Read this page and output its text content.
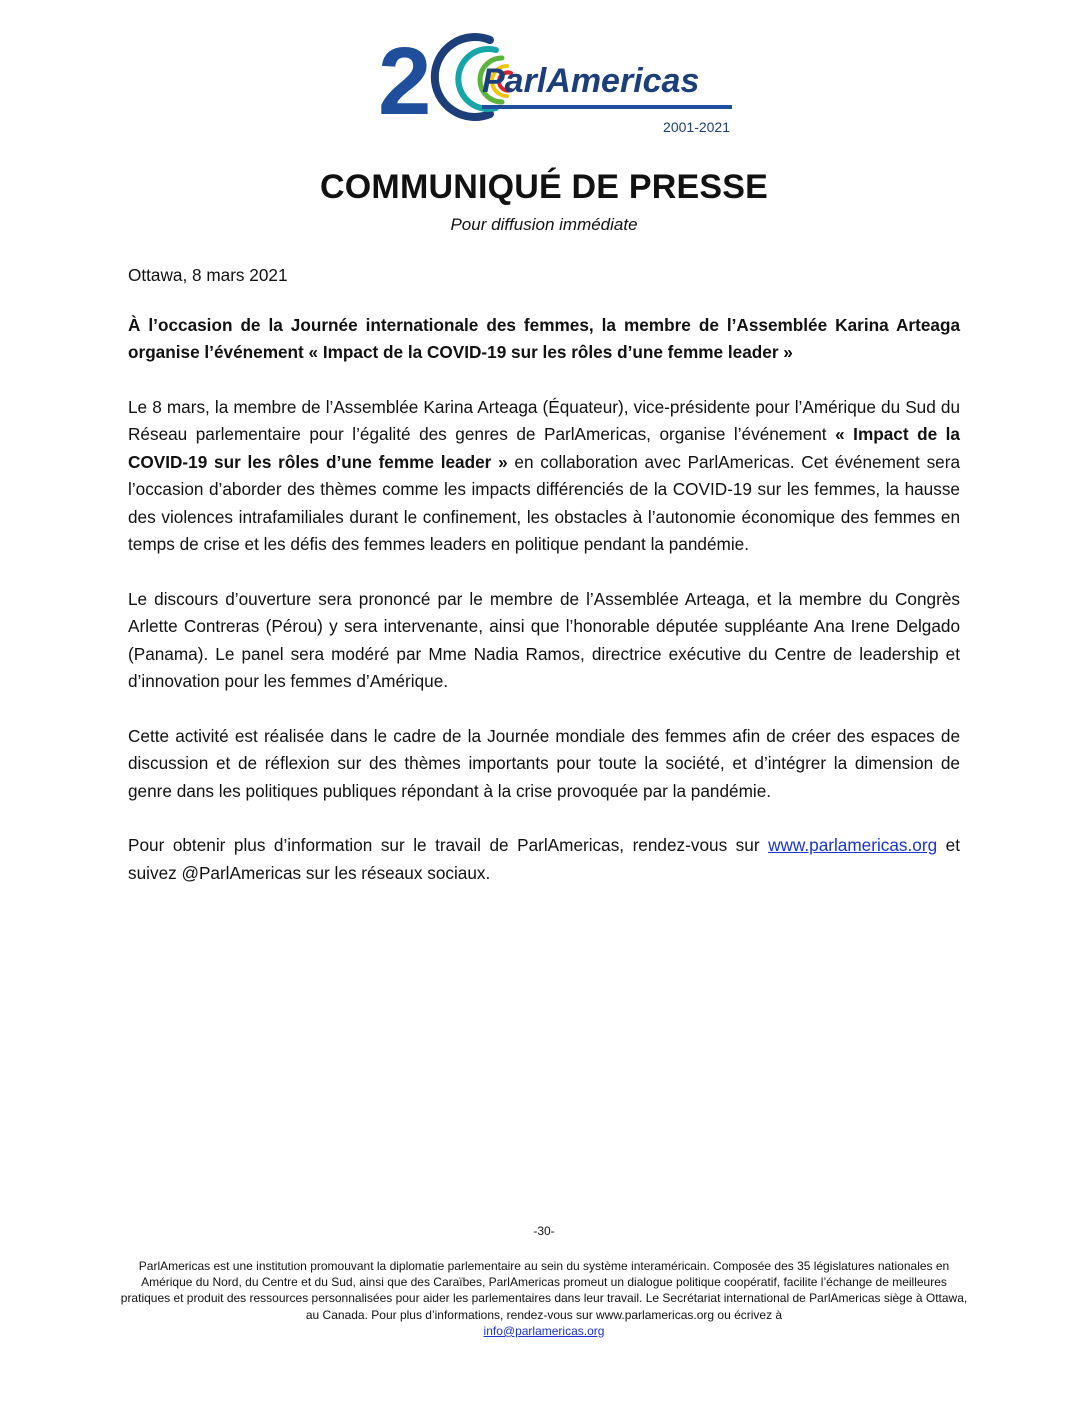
2 ParlAmericas
2001-2021
COMMUNIQUÉ DE PRESSE
Pour diffusion immédiate

Ottawa, 8 mars 2021

À l’occasion de la Journée internationale des femmes, la membre de l’Assemblée Karina Arteaga organise l’événement « Impact de la COVID-19 sur les rôles d’une femme leader »

Le 8 mars, la membre de l’Assemblée Karina Arteaga (Équateur), vice-présidente pour l’Amérique du Sud du Réseau parlementaire pour l’égalité des genres de ParlAmericas, organise l’événement « Impact de la COVID-19 sur les rôles d’une femme leader » en collaboration avec ParlAmericas. Cet événement sera l’occasion d’aborder des thèmes comme les impacts différenciés de la COVID-19 sur les femmes, la hausse des violences intrafamiliales durant le confinement, les obstacles à l’autonomie économique des femmes en temps de crise et les défis des femmes leaders en politique pendant la pandémie.

Le discours d’ouverture sera prononcé par le membre de l’Assemblée Arteaga, et la membre du Congrès Arlette Contreras (Pérou) y sera intervenante, ainsi que l’honorable députée suppléante Ana Irene Delgado (Panama). Le panel sera modéré par Mme Nadia Ramos, directrice exécutive du Centre de leadership et d’innovation pour les femmes d’Amérique.

Cette activité est réalisée dans le cadre de la Journée mondiale des femmes afin de créer des espaces de discussion et de réflexion sur des thèmes importants pour toute la société, et d’intégrer la dimension de genre dans les politiques publiques répondant à la crise provoquée par la pandémie.

Pour obtenir plus d’information sur le travail de ParlAmericas, rendez-vous sur www.parlamericas.org et suivez @ParlAmericas sur les réseaux sociaux.

-30-
ParlAmericas est une institution promouvant la diplomatie parlementaire au sein du système interaméricain. Composée des 35 législatures nationales en Amérique du Nord, du Centre et du Sud, ainsi que des Caraïbes, ParlAmericas promeut un dialogue politique coopératif, facilite l’échange de meilleures pratiques et produit des ressources personnalisées pour aider les parlementaires dans leur travail. Le Secrétariat international de ParlAmericas siège à Ottawa, au Canada. Pour plus d’informations, rendez-vous sur www.parlamericas.org ou écrivez à
info@parlamericas.org
